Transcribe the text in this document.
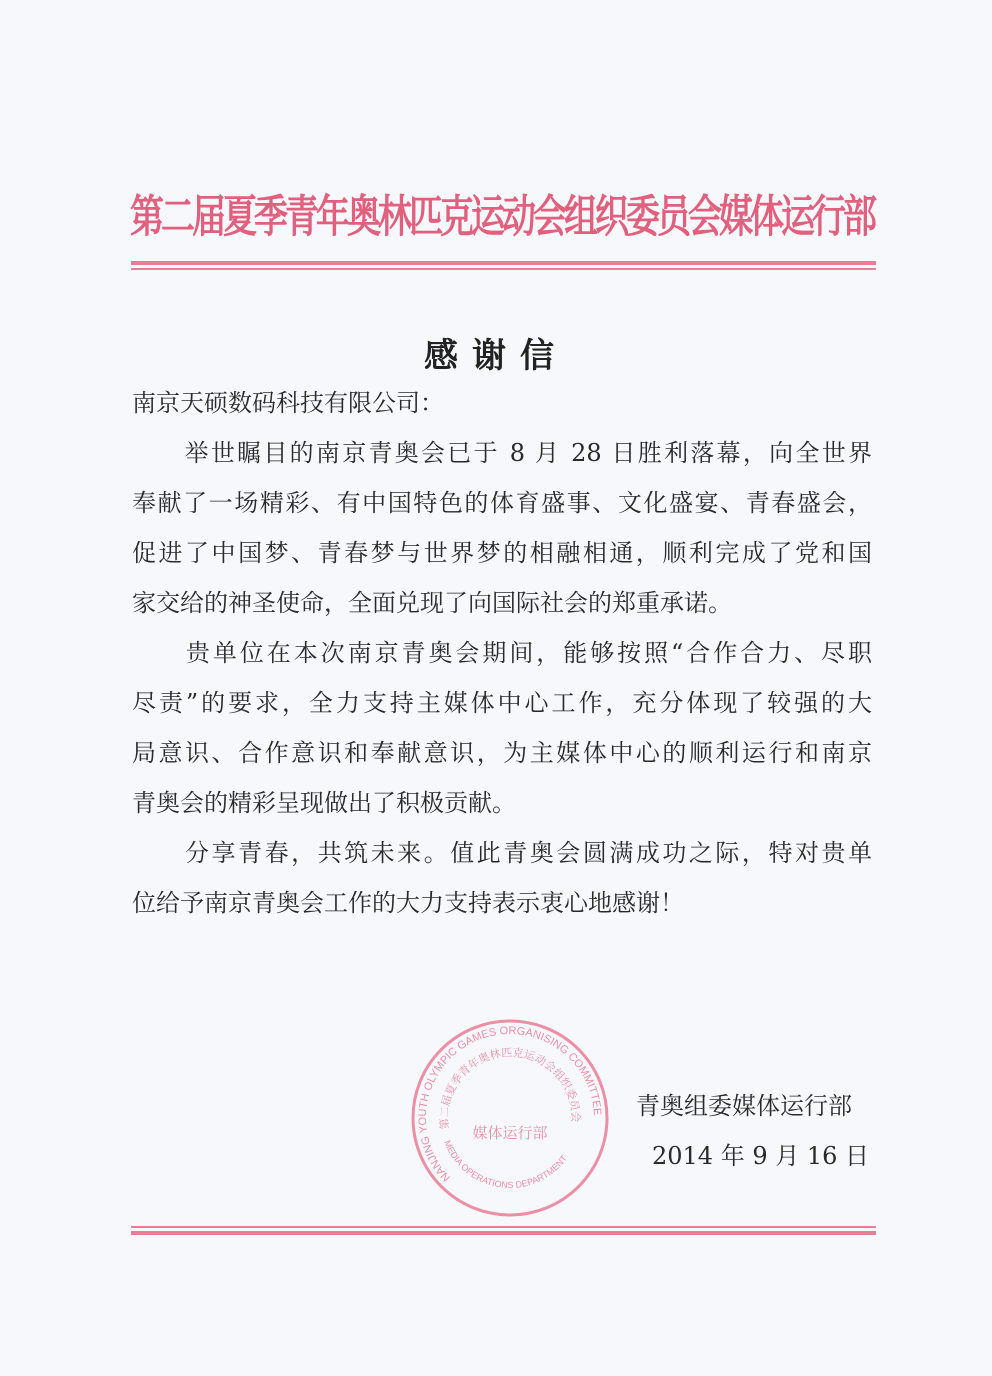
第二届夏季青年奥林匹克运动会组织委员会媒体运行部
感谢信
南京天硕数码科技有限公司：
　　举世瞩目的南京青奥会已于 8 月 28 日胜利落幕，向全世界
奉献了一场精彩、有中国特色的体育盛事、文化盛宴、青春盛会，
促进了中国梦、青春梦与世界梦的相融相通，顺利完成了党和国
家交给的神圣使命，全面兑现了向国际社会的郑重承诺。
　　贵单位在本次南京青奥会期间，能够按照“合作合力、尽职
尽责”的要求，全力支持主媒体中心工作，充分体现了较强的大
局意识、合作意识和奉献意识，为主媒体中心的顺利运行和南京
青奥会的精彩呈现做出了积极贡献。
　　分享青春，共筑未来。值此青奥会圆满成功之际，特对贵单
位给予南京青奥会工作的大力支持表示衷心地感谢！
NANJING YOUTH OLYMPIC GAMES ORGANISING COMMITTEE
第二届夏季青年奥林匹克运动会组织委员会
媒体运行部
MEDIA OPERATIONS DEPARTMENT
青奥组委媒体运行部
2014 年 9 月 16 日
